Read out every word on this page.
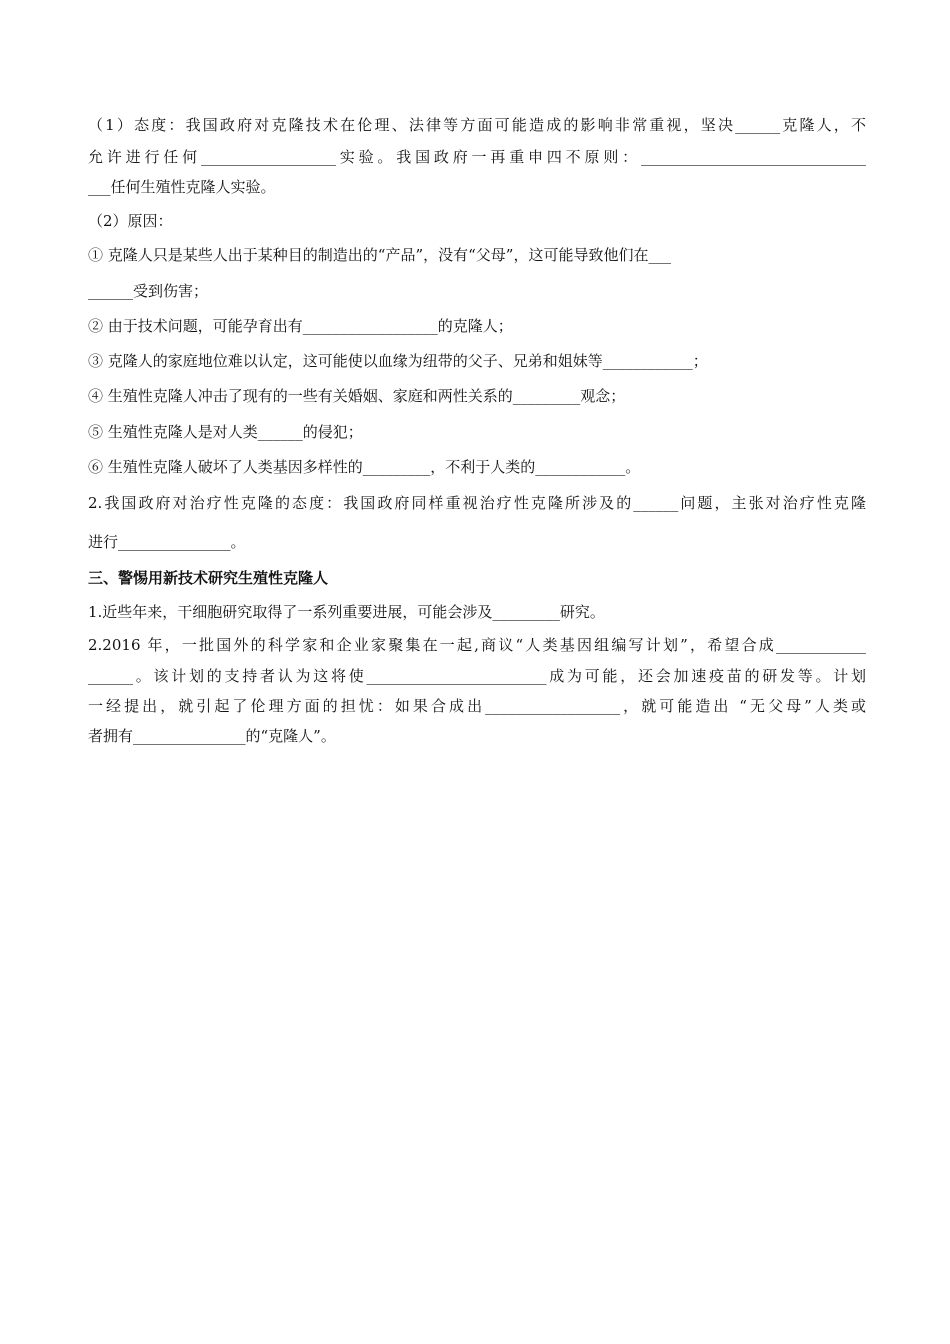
（1）态度：我国政府对克隆技术在伦理、法律等方面可能造成的影响非常重视，坚决______克隆人，不
允许进行任何__________________实验。我国政府一再重申四不原则：______________________________
___任何生殖性克隆人实验。
（2）原因：
① 克隆人只是某些人出于某种目的制造出的“产品”，没有“父母”，这可能导致他们在___
______受到伤害；
② 由于技术问题，可能孕育出有__________________的克隆人；
③ 克隆人的家庭地位难以认定，这可能使以血缘为纽带的父子、兄弟和姐妹等____________；
④ 生殖性克隆人冲击了现有的一些有关婚姻、家庭和两性关系的_________观念；
⑤ 生殖性克隆人是对人类______的侵犯；
⑥ 生殖性克隆人破坏了人类基因多样性的_________，不利于人类的____________。
2.我国政府对治疗性克隆的态度：我国政府同样重视治疗性克隆所涉及的______问题，主张对治疗性克隆
进行_______________。
三、警惕用新技术研究生殖性克隆人
1.近些年来，干细胞研究取得了一系列重要进展，可能会涉及_________研究。
2.2016 年，一批国外的科学家和企业家聚集在一起,商议“人类基因组编写计划”，希望合成____________
______。该计划的支持者认为这将使________________________成为可能，还会加速疫苗的研发等。计划
一经提出，就引起了伦理方面的担忧：如果合成出__________________，就可能造出 “无父母”人类或
者拥有_______________的“克隆人”。
